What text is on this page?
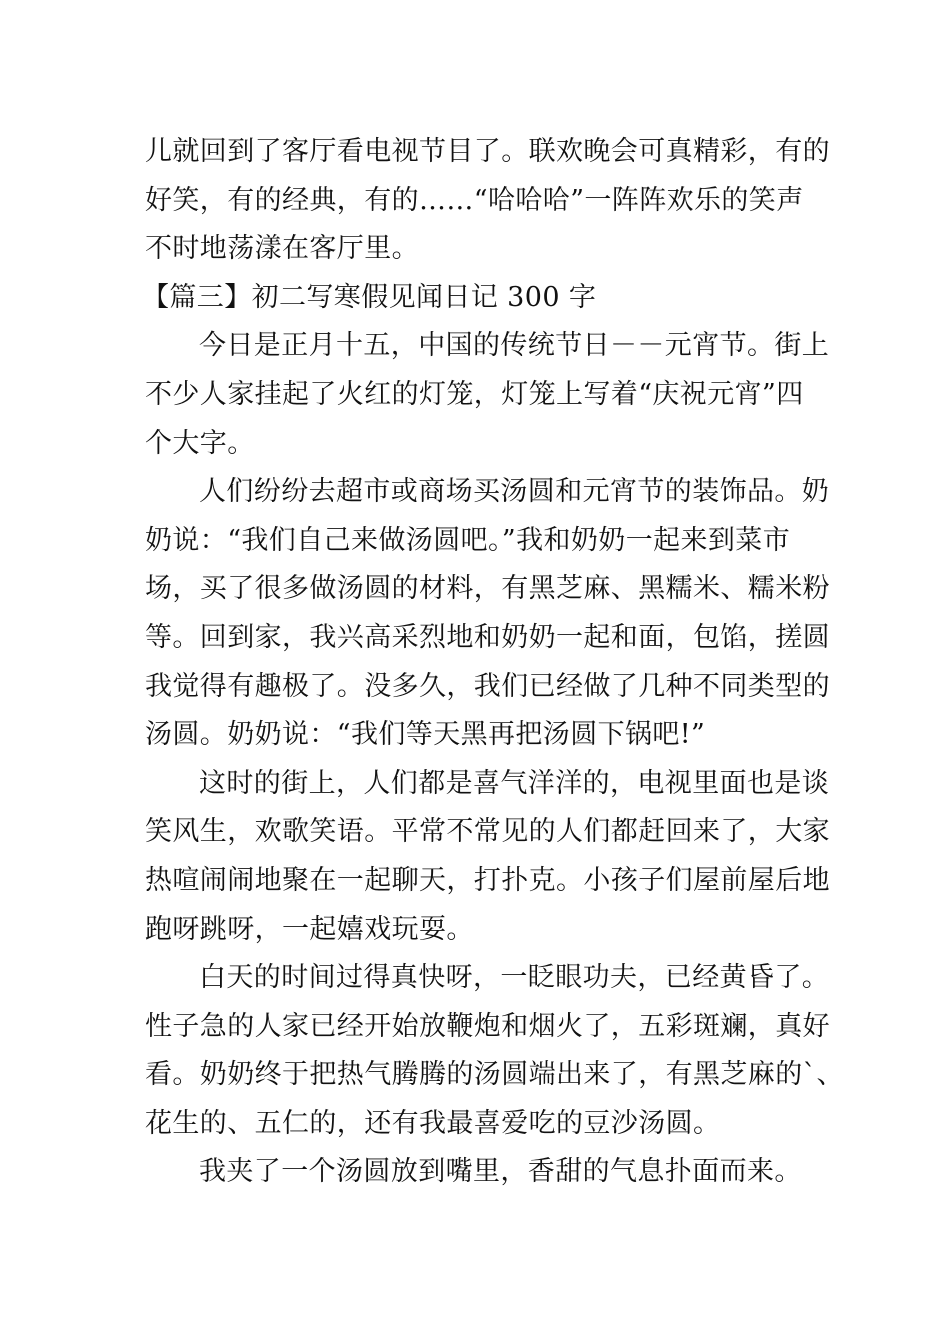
儿就回到了客厅看电视节目了。联欢晚会可真精彩，有的
好笑，有的经典，有的……“哈哈哈”一阵阵欢乐的笑声
不时地荡漾在客厅里。
【篇三】初二写寒假见闻日记 300 字
今日是正月十五，中国的传统节日－－元宵节。街上
不少人家挂起了火红的灯笼，灯笼上写着“庆祝元宵”四
个大字。
人们纷纷去超市或商场买汤圆和元宵节的装饰品。奶
奶说：“我们自己来做汤圆吧。”我和奶奶一起来到菜市
场，买了很多做汤圆的材料，有黑芝麻、黑糯米、糯米粉
等。回到家，我兴高采烈地和奶奶一起和面，包馅，搓圆
我觉得有趣极了。没多久，我们已经做了几种不同类型的
汤圆。奶奶说：“我们等天黑再把汤圆下锅吧!”
这时的街上，人们都是喜气洋洋的，电视里面也是谈
笑风生，欢歌笑语。平常不常见的人们都赶回来了，大家
热喧闹闹地聚在一起聊天，打扑克。小孩子们屋前屋后地
跑呀跳呀，一起嬉戏玩耍。
白天的时间过得真快呀，一眨眼功夫，已经黄昏了。
性子急的人家已经开始放鞭炮和烟火了，五彩斑斓，真好
看。奶奶终于把热气腾腾的汤圆端出来了，有黑芝麻的`、
花生的、五仁的，还有我最喜爱吃的豆沙汤圆。
我夹了一个汤圆放到嘴里，香甜的气息扑面而来。
